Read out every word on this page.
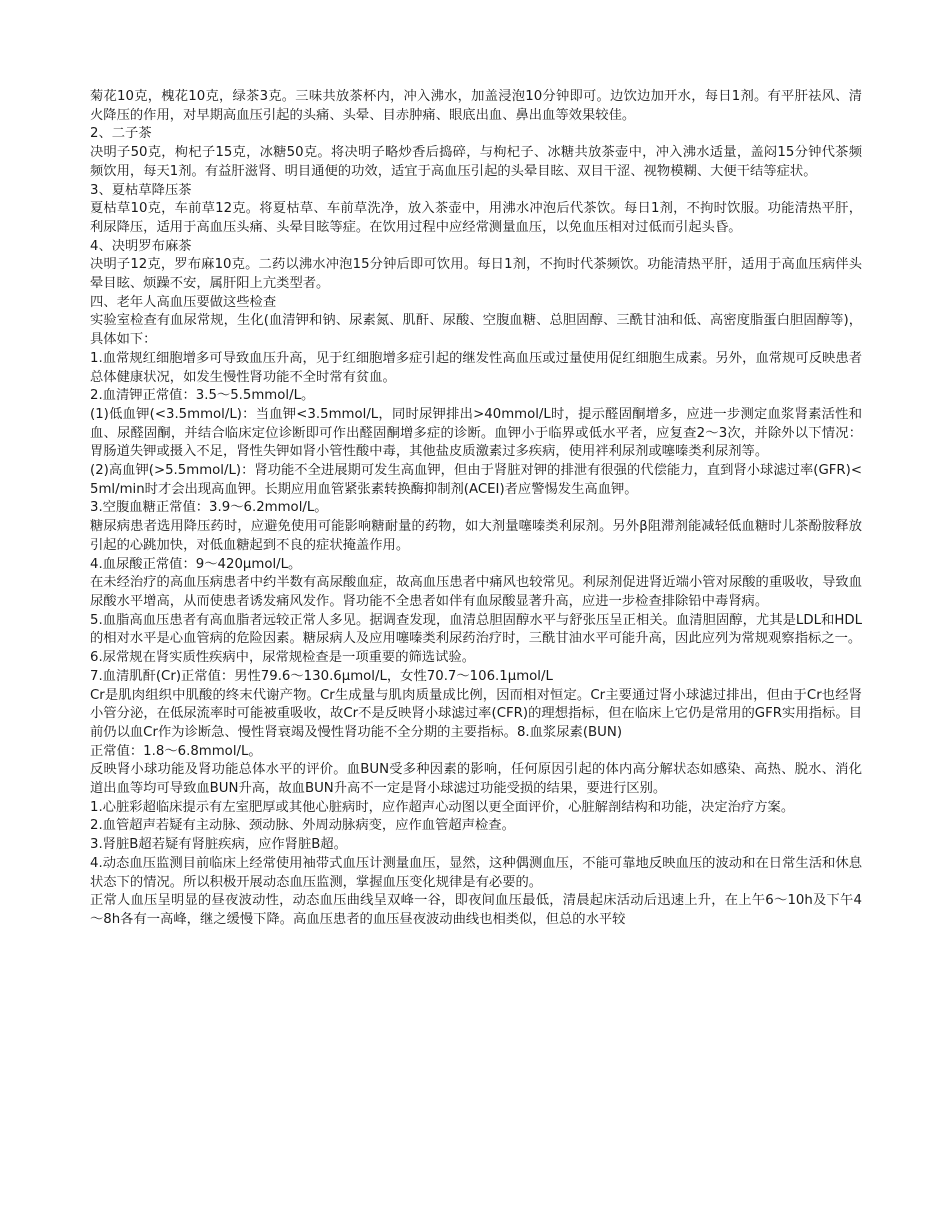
菊花10克，槐花10克，绿茶3克。三味共放茶杯内，冲入沸水，加盖浸泡10分钟即可。边饮边加开水，每日1剂。有平肝祛风、清火降压的作用，对早期高血压引起的头痛、头晕、目赤肿痛、眼底出血、鼻出血等效果较佳。

2、二子茶

决明子50克，枸杞子15克，冰糖50克。将决明子略炒香后捣碎，与枸杞子、冰糖共放茶壶中，冲入沸水适量，盖闷15分钟代茶频频饮用，每天1剂。有益肝滋肾、明目通便的功效，适宜于高血压引起的头晕目眩、双目干涩、视物模糊、大便干结等症状。

3、夏枯草降压茶

夏枯草10克，车前草12克。将夏枯草、车前草洗净，放入茶壶中，用沸水冲泡后代茶饮。每日1剂，不拘时饮服。功能清热平肝，利尿降压，适用于高血压头痛、头晕目眩等症。在饮用过程中应经常测量血压，以免血压相对过低而引起头昏。

4、决明罗布麻茶

决明子12克，罗布麻10克。二药以沸水冲泡15分钟后即可饮用。每日1剂，不拘时代茶频饮。功能清热平肝，适用于高血压病伴头晕目眩、烦躁不安，属肝阳上亢类型者。

四、老年人高血压要做这些检查

实验室检查有血尿常规，生化(血清钾和钠、尿素氮、肌酐、尿酸、空腹血糖、总胆固醇、三酰甘油和低、高密度脂蛋白胆固醇等)，具体如下：

1.血常规红细胞增多可导致血压升高，见于红细胞增多症引起的继发性高血压或过量使用促红细胞生成素。另外，血常规可反映患者总体健康状况，如发生慢性肾功能不全时常有贫血。

2.血清钾正常值：3.5～5.5mmol/L。

(1)低血钾(<3.5mmol/L)：当血钾<3.5mmol/L，同时尿钾排出>40mmol/L时，提示醛固酮增多，应进一步测定血浆肾素活性和血、尿醛固酮，并结合临床定位诊断即可作出醛固酮增多症的诊断。血钾小于临界或低水平者，应复查2～3次，并除外以下情况：胃肠道失钾或摄入不足，肾性失钾如肾小管性酸中毒，其他盐皮质激素过多疾病，使用袢利尿剂或噻嗪类利尿剂等。

(2)高血钾(>5.5mmol/L)：肾功能不全进展期可发生高血钾，但由于肾脏对钾的排泄有很强的代偿能力，直到肾小球滤过率(GFR)<5ml/min时才会出现高血钾。长期应用血管紧张素转换酶抑制剂(ACEI)者应警惕发生高血钾。

3.空腹血糖正常值：3.9～6.2mmol/L。

糖尿病患者选用降压药时，应避免使用可能影响糖耐量的药物，如大剂量噻嗪类利尿剂。另外β阻滞剂能减轻低血糖时儿茶酚胺释放引起的心跳加快，对低血糖起到不良的症状掩盖作用。

4.血尿酸正常值：9～420μmol/L。

在未经治疗的高血压病患者中约半数有高尿酸血症，故高血压患者中痛风也较常见。利尿剂促进肾近端小管对尿酸的重吸收，导致血尿酸水平增高，从而使患者诱发痛风发作。肾功能不全患者如伴有血尿酸显著升高，应进一步检查排除铅中毒肾病。

5.血脂高血压患者有高血脂者远较正常人多见。据调查发现，血清总胆固醇水平与舒张压呈正相关。血清胆固醇，尤其是LDL和HDL的相对水平是心血管病的危险因素。糖尿病人及应用噻嗪类利尿药治疗时，三酰甘油水平可能升高，因此应列为常规观察指标之一。

6.尿常规在肾实质性疾病中，尿常规检查是一项重要的筛选试验。

7.血清肌酐(Cr)正常值：男性79.6～130.6μmol/L，女性70.7～106.1μmol/L

Cr是肌肉组织中肌酸的终末代谢产物。Cr生成量与肌肉质量成比例，因而相对恒定。Cr主要通过肾小球滤过排出，但由于Cr也经肾小管分泌，在低尿流率时可能被重吸收，故Cr不是反映肾小球滤过率(CFR)的理想指标，但在临床上它仍是常用的GFR实用指标。目前仍以血Cr作为诊断急、慢性肾衰竭及慢性肾功能不全分期的主要指标。8.血浆尿素(BUN)

正常值：1.8～6.8mmol/L。

反映肾小球功能及肾功能总体水平的评价。血BUN受多种因素的影响，任何原因引起的体内高分解状态如感染、高热、脱水、消化道出血等均可导致血BUN升高，故血BUN升高不一定是肾小球滤过功能受损的结果，要进行区别。

1.心脏彩超临床提示有左室肥厚或其他心脏病时，应作超声心动图以更全面评价，心脏解剖结构和功能，决定治疗方案。

2.血管超声若疑有主动脉、颈动脉、外周动脉病变，应作血管超声检查。

3.肾脏B超若疑有肾脏疾病，应作肾脏B超。

4.动态血压监测目前临床上经常使用袖带式血压计测量血压，显然，这种偶测血压，不能可靠地反映血压的波动和在日常生活和休息状态下的情况。所以积极开展动态血压监测，掌握血压变化规律是有必要的。

正常人血压呈明显的昼夜波动性，动态血压曲线呈双峰一谷，即夜间血压最低，清晨起床活动后迅速上升，在上午6～10h及下午4～8h各有一高峰，继之缓慢下降。高血压患者的血压昼夜波动曲线也相类似，但总的水平较
